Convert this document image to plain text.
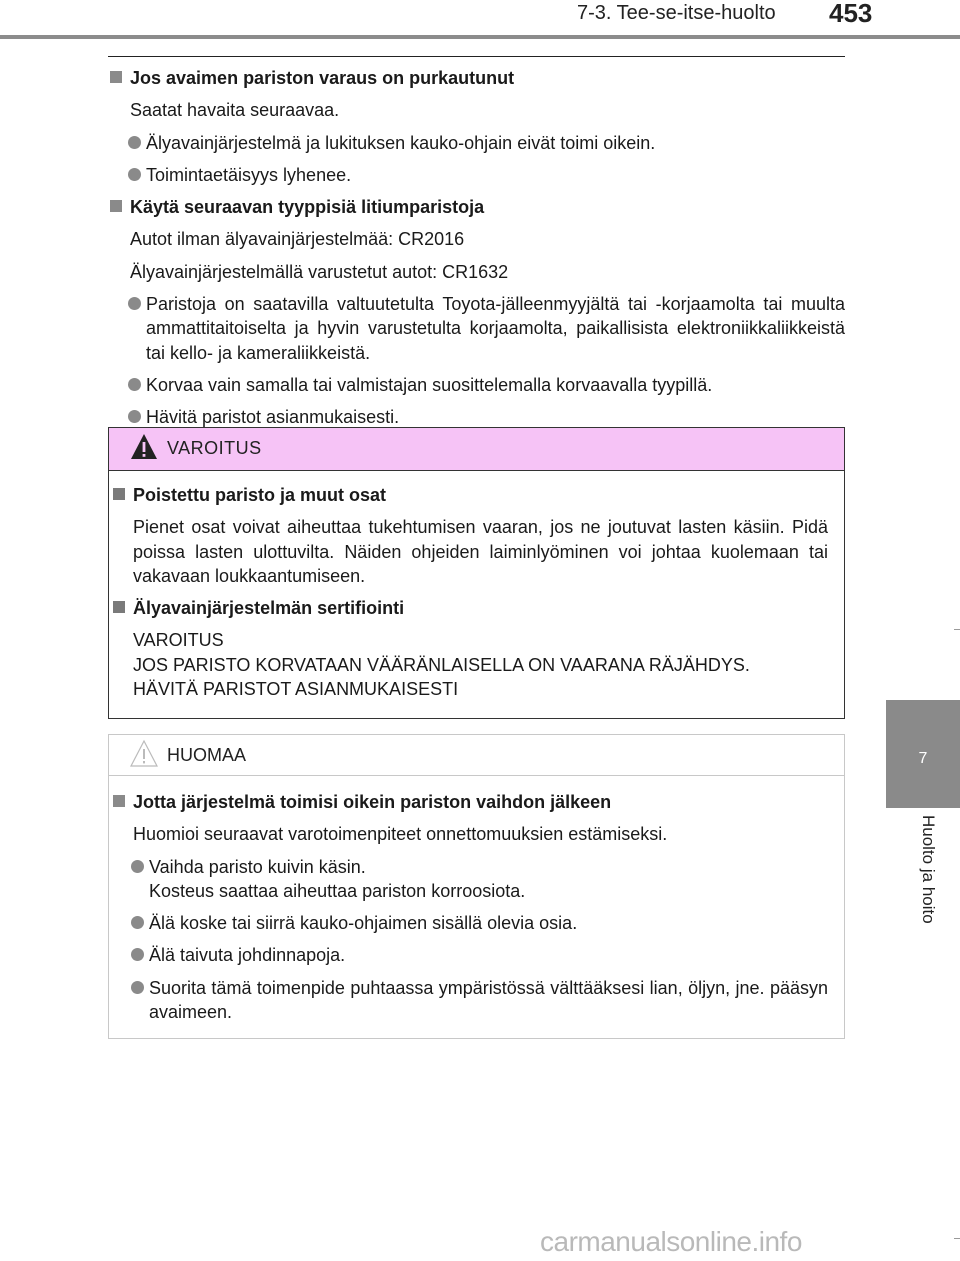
7-3. Tee-se-itse-huolto 453
7
Huolto ja hoito
Jos avaimen pariston varaus on purkautunut
Saatat havaita seuraavaa.
Älyavainjärjestelmä ja lukituksen kauko-ohjain eivät toimi oikein.
Toimintaetäisyys lyhenee.
Käytä seuraavan tyyppisiä litiumparistoja
Autot ilman älyavainjärjestelmää: CR2016
Älyavainjärjestelmällä varustetut autot: CR1632
Paristoja on saatavilla valtuutetulta Toyota-jälleenmyyjältä tai -korjaamolta tai muulta ammattitaitoiselta ja hyvin varustetulta korjaamolta, paikallisista elektroniikkaliikkeistä tai kello- ja kameraliikkeistä.
Korvaa vain samalla tai valmistajan suosittelemalla korvaavalla tyypillä.
Hävitä paristot asianmukaisesti.
VAROITUS
Poistettu paristo ja muut osat
Pienet osat voivat aiheuttaa tukehtumisen vaaran, jos ne joutuvat lasten käsiin. Pidä poissa lasten ulottuvilta. Näiden ohjeiden laiminlyöminen voi johtaa kuolemaan tai vakavaan loukkaantumiseen.
Älyavainjärjestelmän sertifiointi
VAROITUS
JOS PARISTO KORVATAAN VÄÄRÄNLAISELLA ON VAARANA RÄJÄHDYS.
HÄVITÄ PARISTOT ASIANMUKAISESTI
HUOMAA
Jotta järjestelmä toimisi oikein pariston vaihdon jälkeen
Huomioi seuraavat varotoimenpiteet onnettomuuksien estämiseksi.
Vaihda paristo kuivin käsin.
Kosteus saattaa aiheuttaa pariston korroosiota.
Älä koske tai siirrä kauko-ohjaimen sisällä olevia osia.
Älä taivuta johdinnapoja.
Suorita tämä toimenpide puhtaassa ympäristössä välttääksesi lian, öljyn, jne. pääsyn avaimeen.
carmanualsonline.info
